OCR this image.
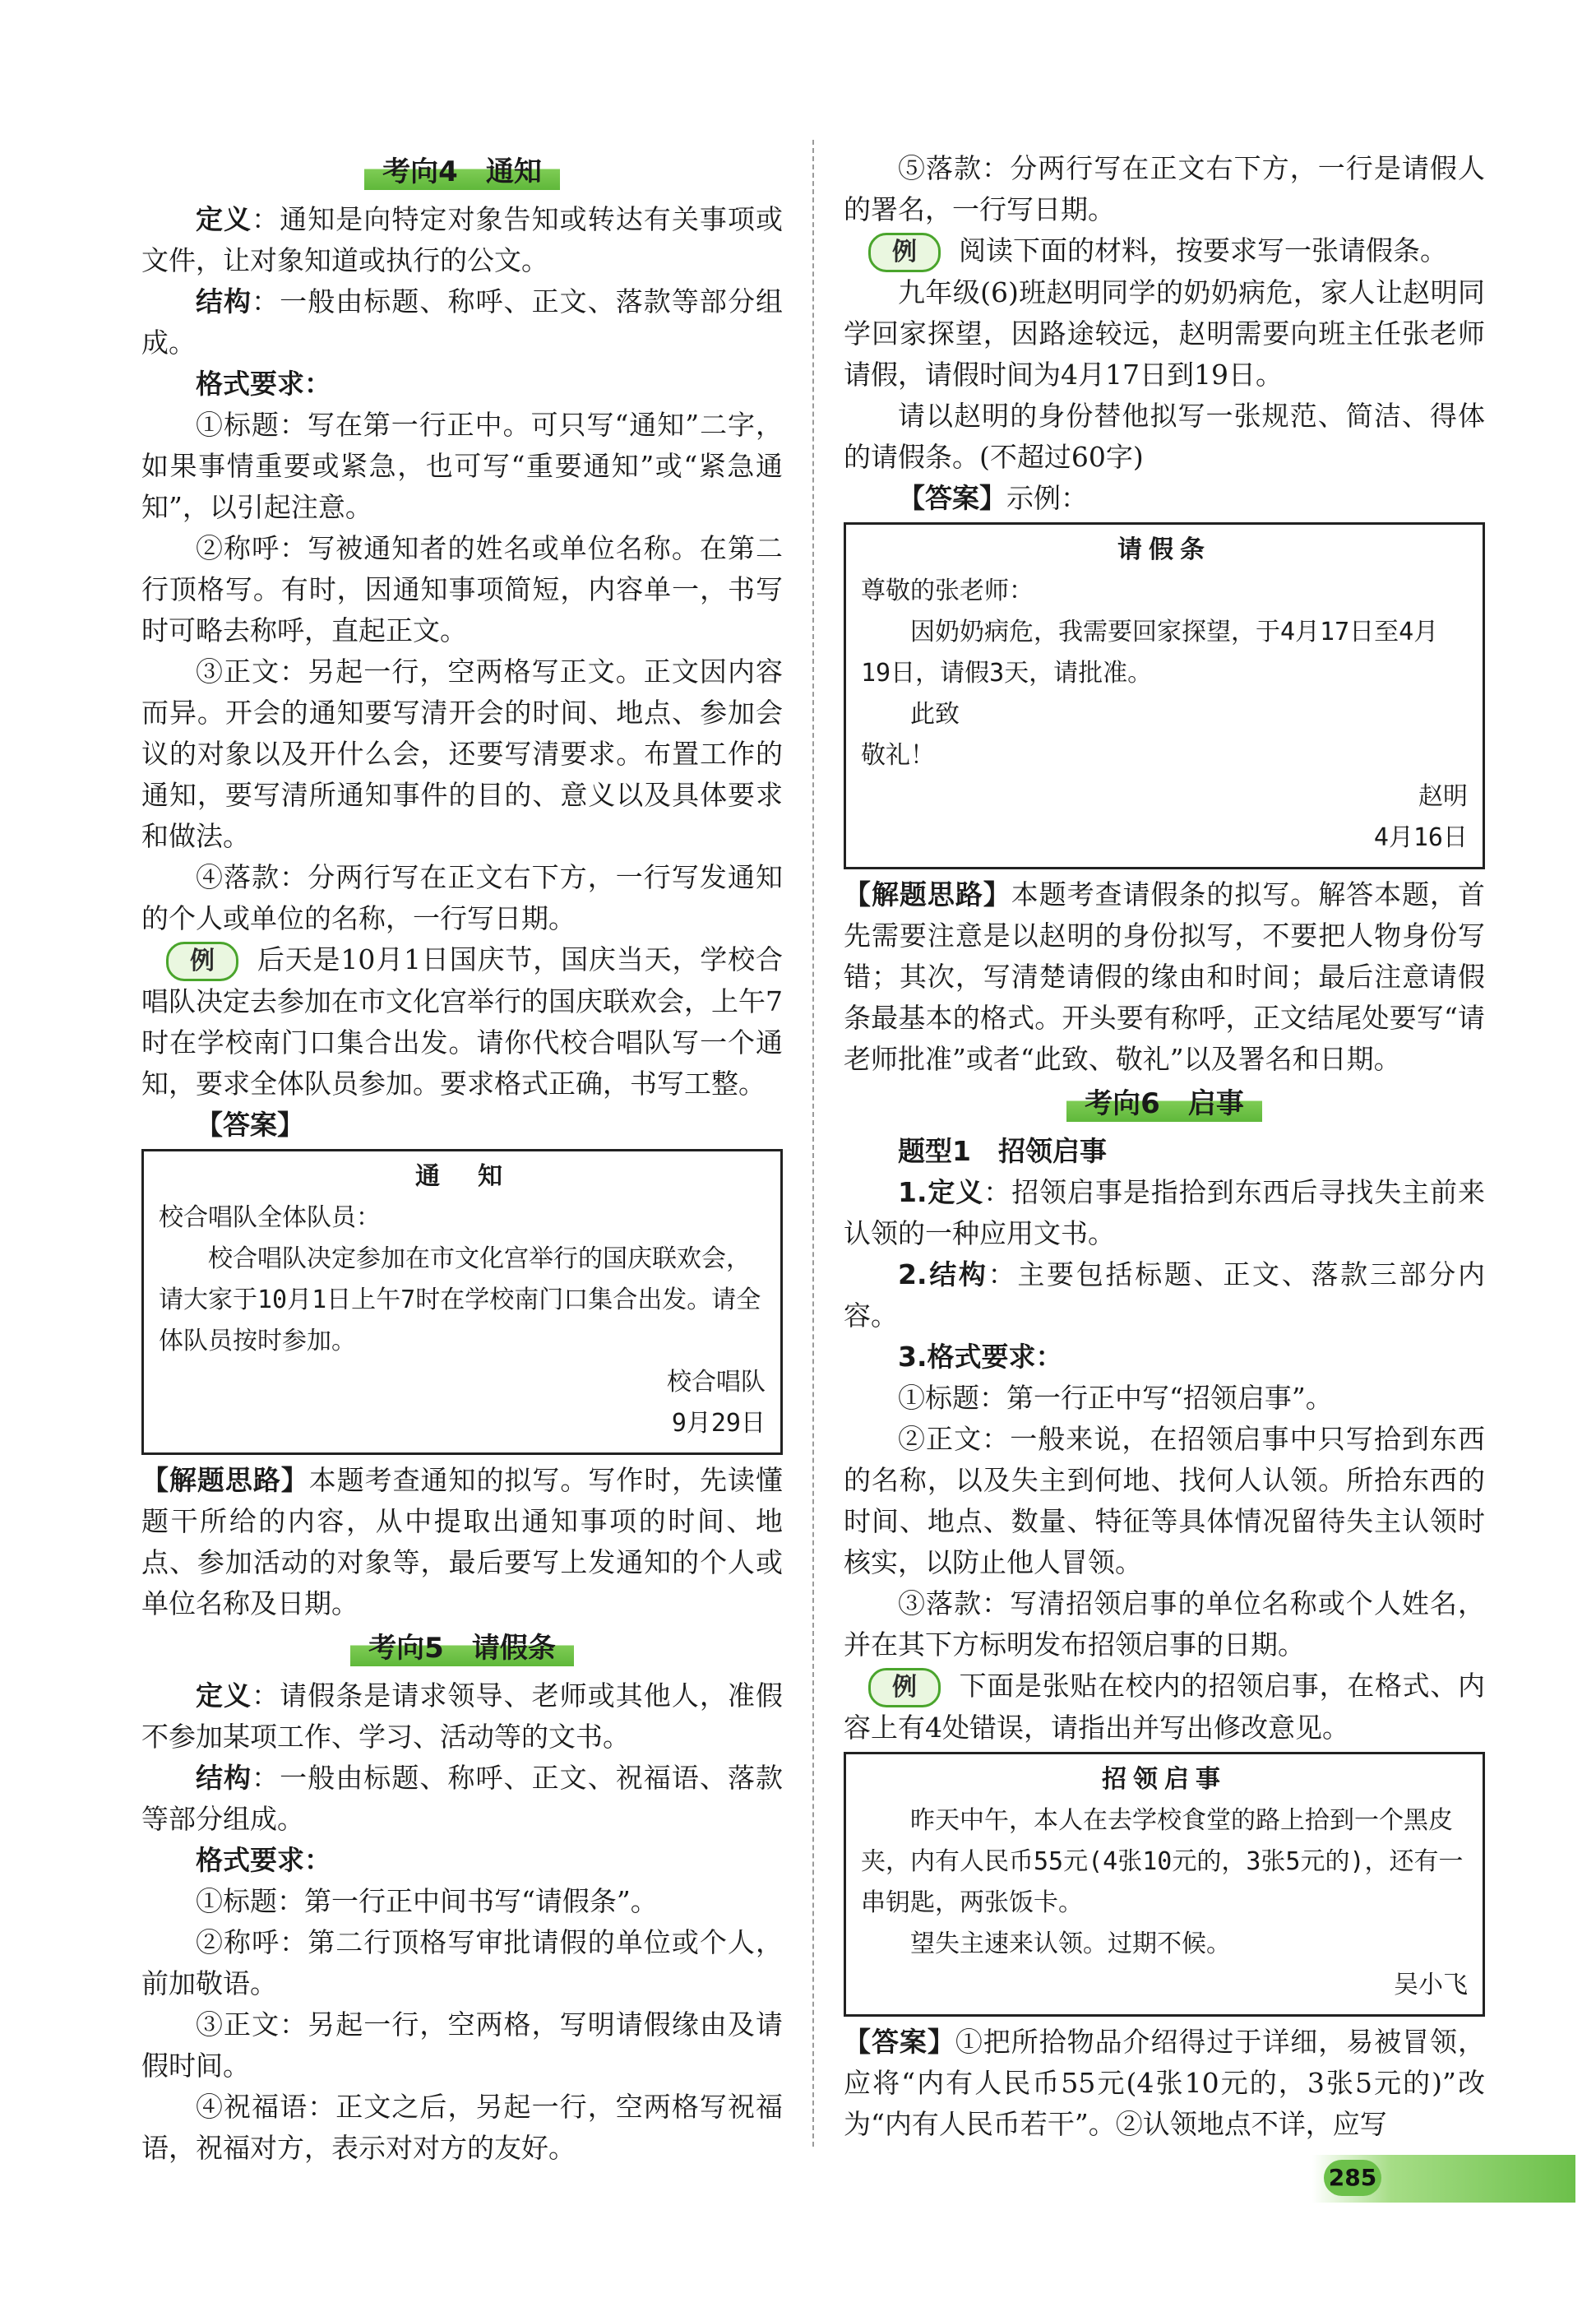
考向4　通知

定义：通知是向特定对象告知或转达有关事项或文件，让对象知道或执行的公文。

结构：一般由标题、称呼、正文、落款等部分组成。

格式要求：

①标题：写在第一行正中。可只写“通知”二字，如果事情重要或紧急，也可写“重要通知”或“紧急通知”，以引起注意。

②称呼：写被通知者的姓名或单位名称。在第二行顶格写。有时，因通知事项简短，内容单一，书写时可略去称呼，直起正文。

③正文：另起一行，空两格写正文。正文因内容而异。开会的通知要写清开会的时间、地点、参加会议的对象以及开什么会，还要写清要求。布置工作的通知，要写清所通知事件的目的、意义以及具体要求和做法。

④落款：分两行写在正文右下方，一行写发通知的个人或单位的名称，一行写日期。

例 后天是10月1日国庆节，国庆当天，学校合唱队决定去参加在市文化宫举行的国庆联欢会，上午7时在学校南门口集合出发。请你代校合唱队写一个通知，要求全体队员参加。要求格式正确，书写工整。

【答案】

通　知
校合唱队全体队员：
校合唱队决定参加在市文化宫举行的国庆联欢会，请大家于10月1日上午7时在学校南门口集合出发。请全体队员按时参加。
校合唱队
9月29日

【解题思路】本题考查通知的拟写。写作时，先读懂题干所给的内容，从中提取出通知事项的时间、地点、参加活动的对象等，最后要写上发通知的个人或单位名称及日期。

考向5　请假条

定义：请假条是请求领导、老师或其他人，准假不参加某项工作、学习、活动等的文书。

结构：一般由标题、称呼、正文、祝福语、落款等部分组成。

格式要求：

①标题：第一行正中间书写“请假条”。

②称呼：第二行顶格写审批请假的单位或个人，前加敬语。

③正文：另起一行，空两格，写明请假缘由及请假时间。

④祝福语：正文之后，另起一行，空两格写祝福语，祝福对方，表示对对方的友好。

⑤落款：分两行写在正文右下方，一行是请假人的署名，一行写日期。

例 阅读下面的材料，按要求写一张请假条。

九年级(6)班赵明同学的奶奶病危，家人让赵明同学回家探望，因路途较远，赵明需要向班主任张老师请假，请假时间为4月17日到19日。

请以赵明的身份替他拟写一张规范、简洁、得体的请假条。(不超过60字)

【答案】示例：

请假条
尊敬的张老师：
因奶奶病危，我需要回家探望，于4月17日至4月19日，请假3天，请批准。
此致
敬礼！
赵明
4月16日

【解题思路】本题考查请假条的拟写。解答本题，首先需要注意是以赵明的身份拟写，不要把人物身份写错；其次，写清楚请假的缘由和时间；最后注意请假条最基本的格式。开头要有称呼，正文结尾处要写“请老师批准”或者“此致、敬礼”以及署名和日期。

考向6　启事

题型1　招领启事

1.定义：招领启事是指拾到东西后寻找失主前来认领的一种应用文书。

2.结构：主要包括标题、正文、落款三部分内容。

3.格式要求：

①标题：第一行正中写“招领启事”。

②正文：一般来说，在招领启事中只写拾到东西的名称，以及失主到何地、找何人认领。所拾东西的时间、地点、数量、特征等具体情况留待失主认领时核实，以防止他人冒领。

③落款：写清招领启事的单位名称或个人姓名，并在其下方标明发布招领启事的日期。

例 下面是张贴在校内的招领启事，在格式、内容上有4处错误，请指出并写出修改意见。

招领启事
昨天中午，本人在去学校食堂的路上拾到一个黑皮夹，内有人民币55元(4张10元的，3张5元的)，还有一串钥匙，两张饭卡。
望失主速来认领。过期不候。
吴小飞

【答案】①把所拾物品介绍得过于详细，易被冒领，应将“内有人民币55元(4张10元的，3张5元的)”改为“内有人民币若干”。②认领地点不详，应写

285
